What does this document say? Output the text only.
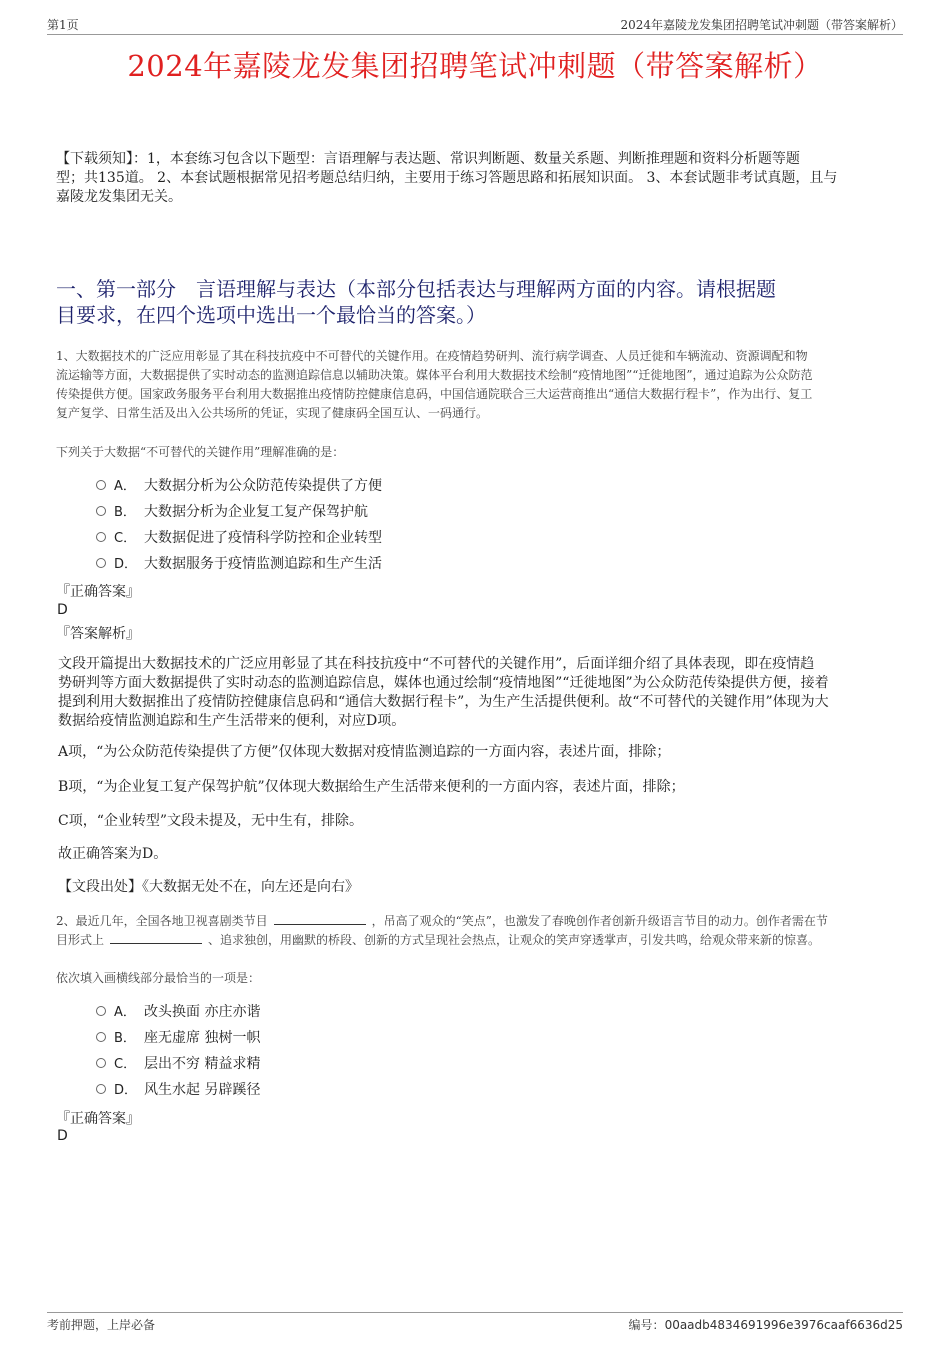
第1页	2024年嘉陵龙发集团招聘笔试冲刺题（带答案解析）
2024年嘉陵龙发集团招聘笔试冲刺题（带答案解析）
【下载须知】：1，本套练习包含以下题型：言语理解与表达题、常识判断题、数量关系题、判断推理题和资料分析题等题
型；共135道。 2、本套试题根据常见招考题总结归纳，主要用于练习答题思路和拓展知识面。 3、本套试题非考试真题，且与
嘉陵龙发集团无关。
一、第一部分　言语理解与表达（本部分包括表达与理解两方面的内容。请根据题
目要求，在四个选项中选出一个最恰当的答案。）
1、大数据技术的广泛应用彰显了其在科技抗疫中不可替代的关键作用。在疫情趋势研判、流行病学调查、人员迁徙和车辆流动、资源调配和物
流运输等方面，大数据提供了实时动态的监测追踪信息以辅助决策。媒体平台利用大数据技术绘制“疫情地图”“迁徙地图”，通过追踪为公众防范
传染提供方便。国家政务服务平台利用大数据推出疫情防控健康信息码，中国信通院联合三大运营商推出“通信大数据行程卡”，作为出行、复工
复产复学、日常生活及出入公共场所的凭证，实现了健康码全国互认、一码通行。
下列关于大数据“不可替代的关键作用”理解准确的是：
A． 大数据分析为公众防范传染提供了方便
B． 大数据分析为企业复工复产保驾护航
C． 大数据促进了疫情科学防控和企业转型
D． 大数据服务于疫情监测追踪和生产生活
『正确答案』
D
『答案解析』
文段开篇提出大数据技术的广泛应用彰显了其在科技抗疫中“不可替代的关键作用”，后面详细介绍了具体表现，即在疫情趋
势研判等方面大数据提供了实时动态的监测追踪信息，媒体也通过绘制“疫情地图”“迁徙地图”为公众防范传染提供方便，接着
提到利用大数据推出了疫情防控健康信息码和“通信大数据行程卡”，为生产生活提供便利。故“不可替代的关键作用”体现为大
数据给疫情监测追踪和生产生活带来的便利，对应D项。
A项，“为公众防范传染提供了方便”仅体现大数据对疫情监测追踪的一方面内容，表述片面，排除；
B项，“为企业复工复产保驾护航”仅体现大数据给生产生活带来便利的一方面内容，表述片面，排除；
C项，“企业转型”文段未提及，无中生有，排除。
故正确答案为D。
【文段出处】《大数据无处不在，向左还是向右》
2、最近几年，全国各地卫视喜剧类节目	，吊高了观众的“笑点”，也激发了春晚创作者创新升级语言节目的动力。创作者需在节
目形式上	、追求独创，用幽默的桥段、创新的方式呈现社会热点，让观众的笑声穿透掌声，引发共鸣，给观众带来新的惊喜。
依次填入画横线部分最恰当的一项是：
A． 改头换面 亦庄亦谐
B． 座无虚席 独树一帜
C． 层出不穷 精益求精
D． 风生水起 另辟蹊径
『正确答案』
D
考前押题，上岸必备	编号：00aadb4834691996e3976caaf6636d25
